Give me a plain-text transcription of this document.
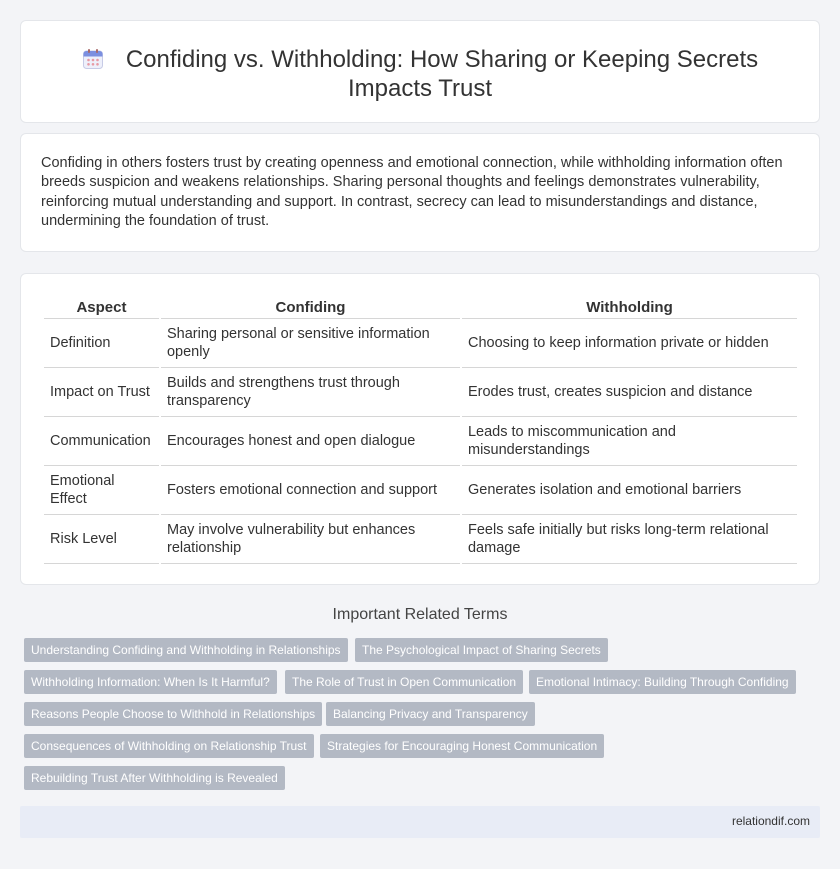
Confiding vs. Withholding: How Sharing or Keeping Secrets
Impacts Trust

Confiding in others fosters trust by creating openness and emotional connection, while withholding information often breeds suspicion and weakens relationships. Sharing personal thoughts and feelings demonstrates vulnerability, reinforcing mutual understanding and support. In contrast, secrecy can lead to misunderstandings and distance, undermining the foundation of trust.

Aspect	Confiding	Withholding
Definition	Sharing personal or sensitive information openly	Choosing to keep information private or hidden
Impact on Trust	Builds and strengthens trust through transparency	Erodes trust, creates suspicion and distance
Communication	Encourages honest and open dialogue	Leads to miscommunication and misunderstandings
Emotional Effect	Fosters emotional connection and support	Generates isolation and emotional barriers
Risk Level	May involve vulnerability but enhances relationship	Feels safe initially but risks long-term relational damage
Important Related Terms
Understanding Confiding and Withholding in Relationships	The Psychological Impact of Sharing Secrets
Withholding Information: When Is It Harmful?	The Role of Trust in Open Communication	Emotional Intimacy: Building Through Confiding
Reasons People Choose to Withhold in Relationships	Balancing Privacy and Transparency
Consequences of Withholding on Relationship Trust	Strategies for Encouraging Honest Communication
Rebuilding Trust After Withholding is Revealed
relationdif.com
